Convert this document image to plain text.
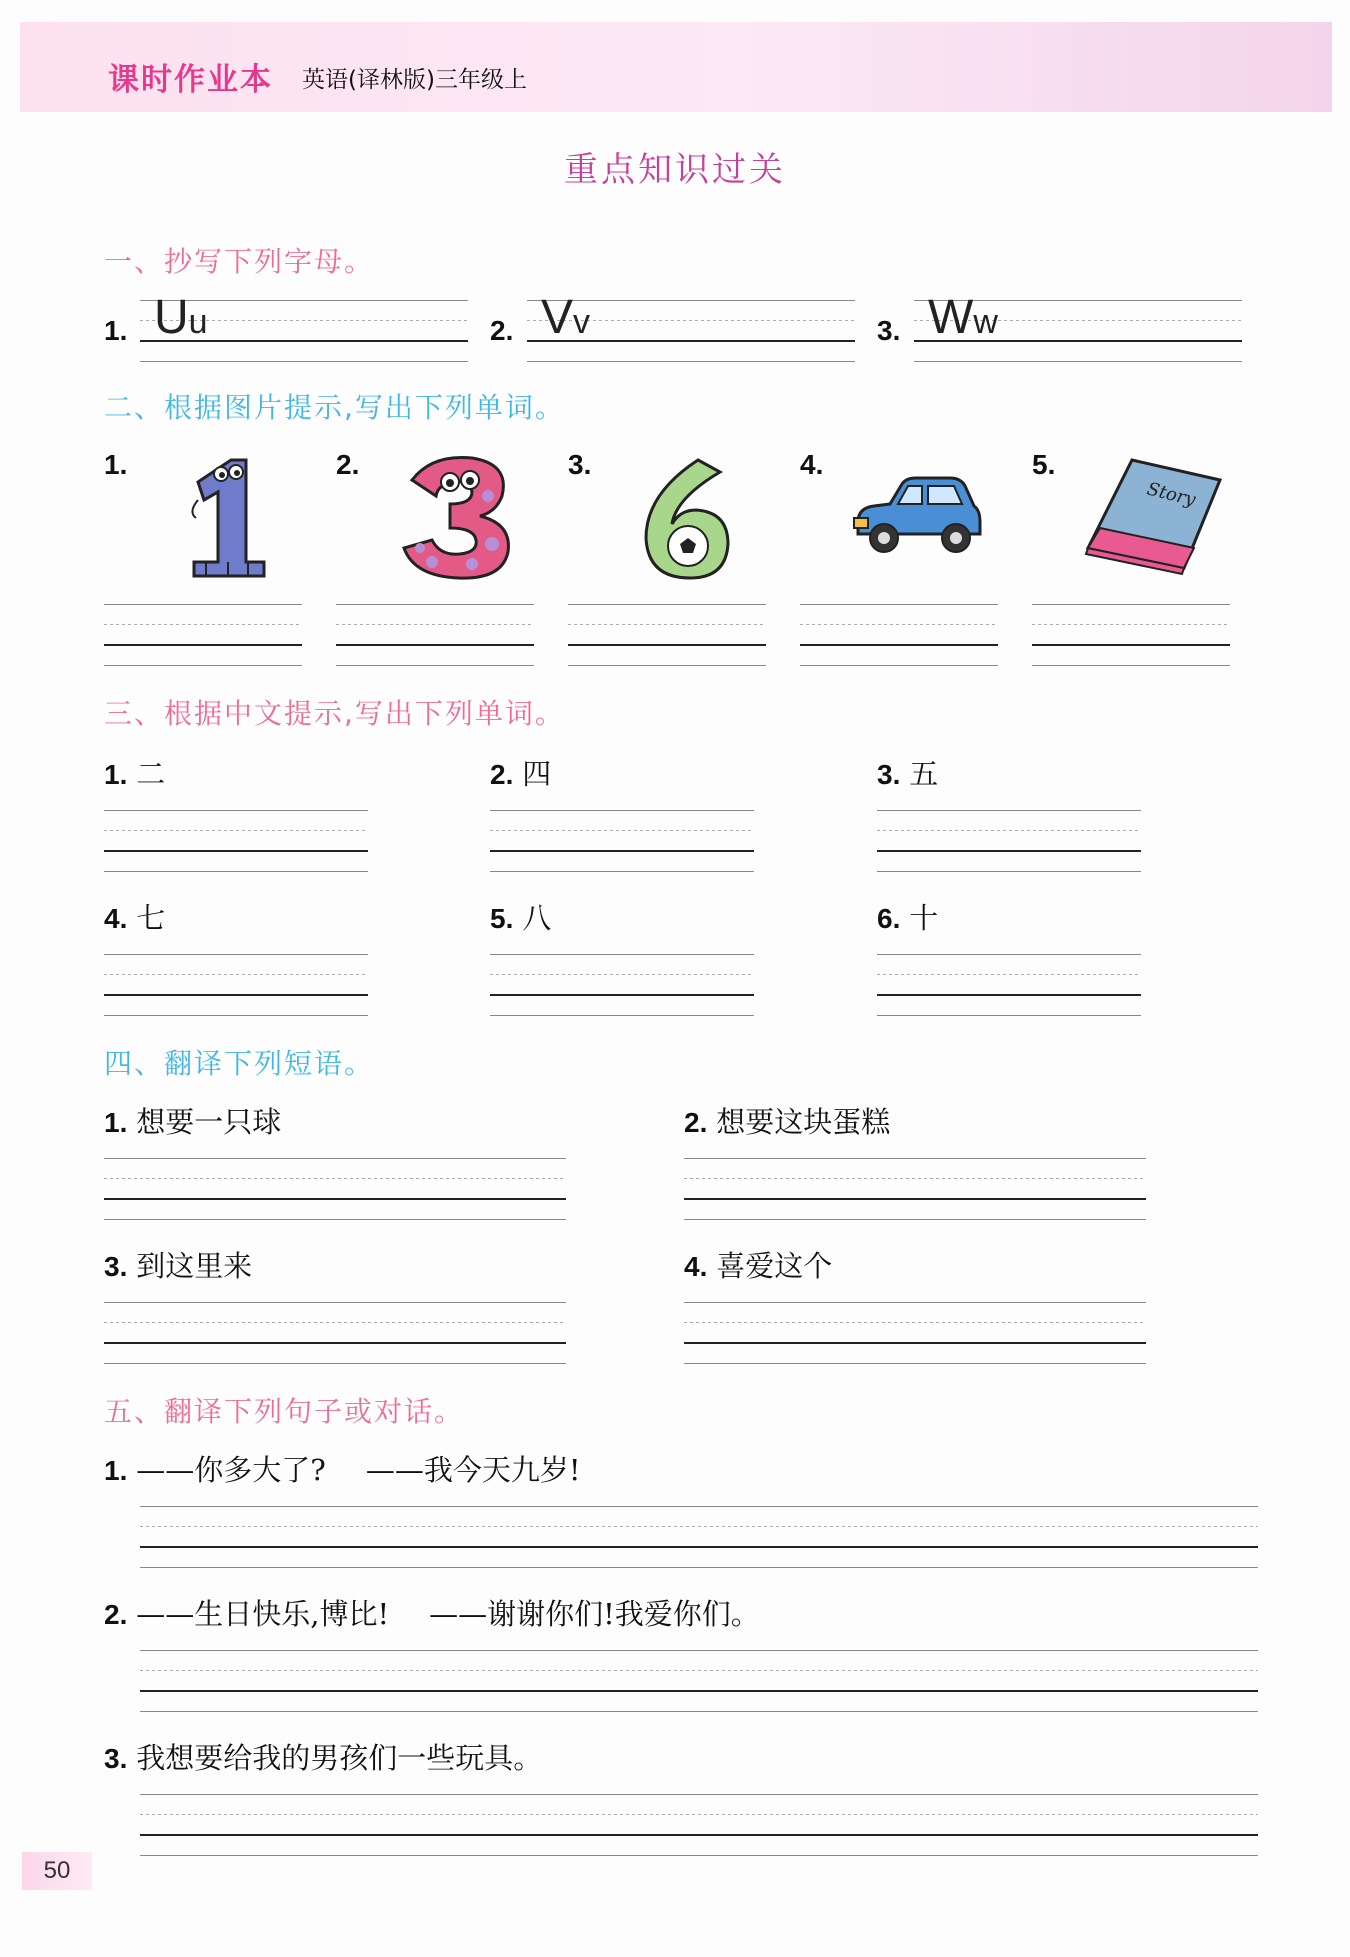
课时作业本 英语(译林版)三年级上
重点知识过关
一、抄写下列字母。
1. Uu	2. Vv	3. Ww
二、根据图片提示,写出下列单词。
1.	2.	3.	4.	5.
Story
三、根据中文提示,写出下列单词。
1. 二	2. 四	3. 五
4. 七	5. 八	6. 十
四、翻译下列短语。
1. 想要一只球	2. 想要这块蛋糕
3. 到这里来	4. 喜爱这个
五、翻译下列句子或对话。
1. ——你多大了? ——我今天九岁!
2. ——生日快乐,博比! ——谢谢你们!我爱你们。
3. 我想要给我的男孩们一些玩具。
50
